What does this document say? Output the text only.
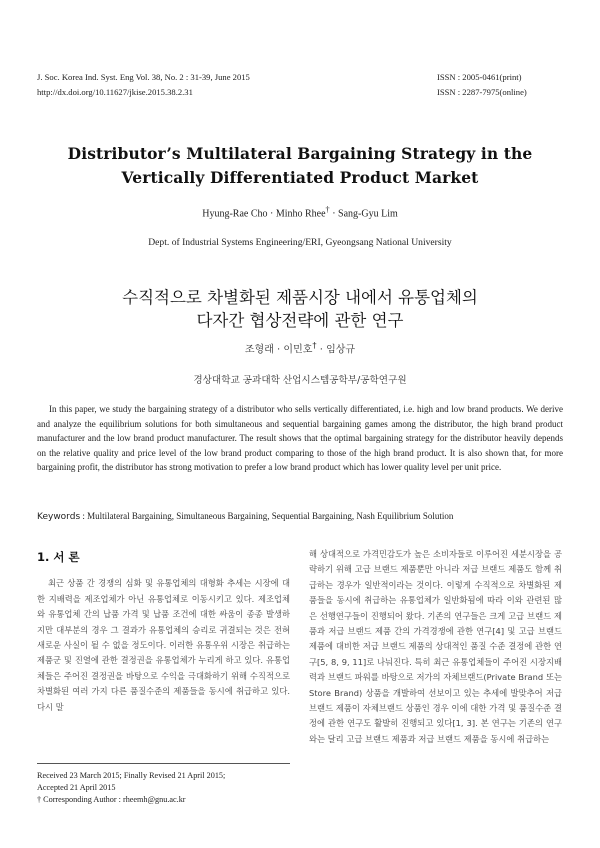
J. Soc. Korea Ind. Syst. Eng Vol. 38, No. 2 : 31-39, June 2015
http://dx.doi.org/10.11627/jkise.2015.38.2.31
ISSN : 2005-0461(print)
ISSN : 2287-7975(online)
Distributor’s Multilateral Bargaining Strategy in the
Vertically Differentiated Product Market
Hyung-Rae Cho · Minho Rhee† · Sang-Gyu Lim
Dept. of Industrial Systems Engineering/ERI, Gyeongsang National University
수직적으로 차별화된 제품시장 내에서 유통업체의
다자간 협상전략에 관한 연구
조형래 · 이민호† · 임상규
경상대학교 공과대학 산업시스템공학부/공학연구원

In this paper, we study the bargaining strategy of a distributor who sells vertically differentiated, i.e. high and low brand products. We derive and analyze the equilibrium solutions for both simultaneous and sequential bargaining games among the distributor, the high brand product manufacturer and the low brand product manufacturer. The result shows that the optimal bargaining strategy for the distributor heavily depends on the relative quality and price level of the low brand product comparing to those of the high brand product. It is also shown that, for more bargaining profit, the distributor has strong motivation to prefer a low brand product which has lower quality level per unit price.

Keywords : Multilateral Bargaining, Simultaneous Bargaining, Sequential Bargaining, Nash Equilibrium Solution
1. 서 론

최근 상품 간 경쟁의 심화 및 유통업체의 대형화 추세는 시장에 대한 지배력을 제조업체가 아닌 유통업체로 이동시키고 있다. 제조업체와 유통업체 간의 납품 가격 및 납품 조건에 대한 싸움이 종종 발생하지만 대부분의 경우 그 결과가 유통업체의 승리로 귀결되는 것은 전혀 새로운 사실이 될 수 없을 정도이다. 이러한 유통우위 시장은 취급하는 제품군 및 진열에 관한 결정권을 유통업체가 누리게 하고 있다. 유통업체들은 주어진 결정권을 바탕으로 수익을 극대화하기 위해 수직적으로 차별화된 여러 가지 다른 품질수준의 제품들을 동시에 취급하고 있다. 다시 말

해 상대적으로 가격민감도가 높은 소비자들로 이루어진 세분시장을 공략하기 위해 고급 브랜드 제품뿐만 아니라 저급 브랜드 제품도 함께 취급하는 경우가 일반적이라는 것이다. 이렇게 수직적으로 차별화된 제품들을 동시에 취급하는 유통업체가 일반화됨에 따라 이와 관련된 많은 선행연구들이 진행되어 왔다. 기존의 연구들은 크게 고급 브랜드 제품과 저급 브랜드 제품 간의 가격경쟁에 관한 연구[4] 및 고급 브랜드 제품에 대비한 저급 브랜드 제품의 상대적인 품질 수준 결정에 관한 연구[5, 8, 9, 11]로 나눠진다. 특히 최근 유통업체들이 주어진 시장지배력과 브랜드 파워를 바탕으로 저가의 자체브랜드(Private Brand 또는 Store Brand) 상품을 개발하여 선보이고 있는 추세에 발맞추어 저급 브랜드 제품이 자체브랜드 상품인 경우 이에 대한 가격 및 품질수준 결정에 관한 연구도 활발히 진행되고 있다[1, 3]. 본 연구는 기존의 연구와는 달리 고급 브랜드 제품과 저급 브랜드 제품을 동시에 취급하는

Received 23 March 2015; Finally Revised 21 April 2015;
Accepted 21 April 2015
† Corresponding Author : rheemh@gnu.ac.kr
